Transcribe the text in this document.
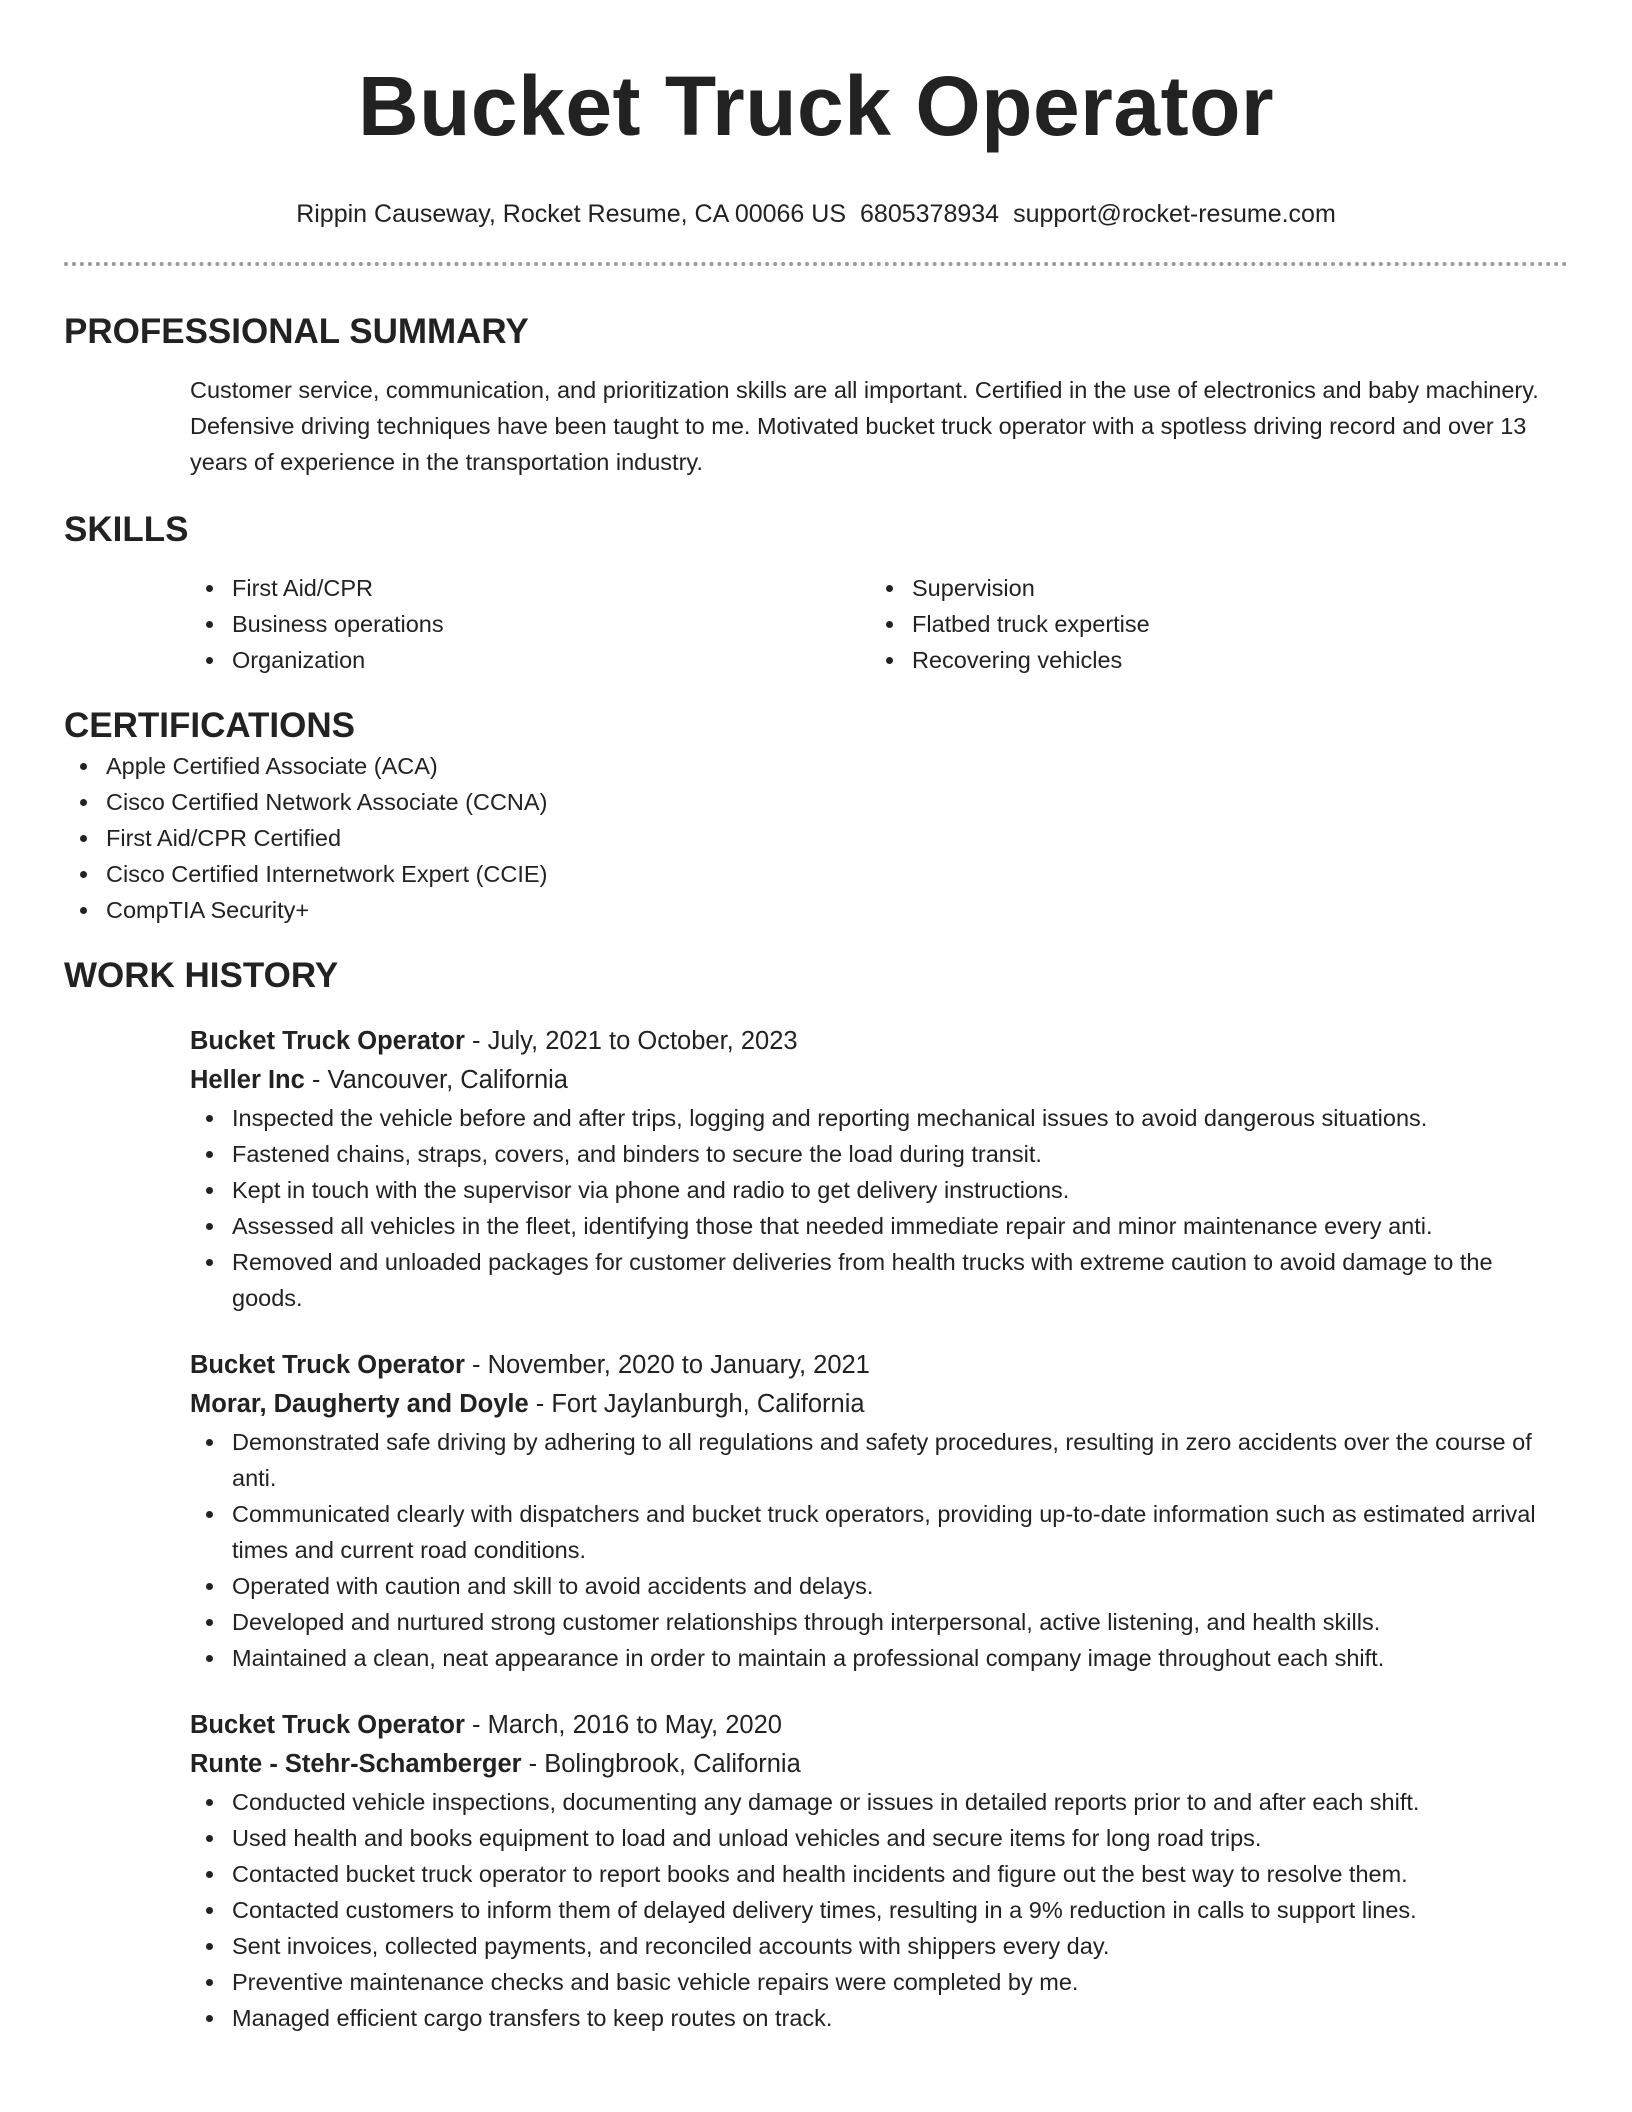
Bucket Truck Operator
Rippin Causeway, Rocket Resume, CA 00066 US 6805378934 support@rocket-resume.com
PROFESSIONAL SUMMARY

Customer service, communication, and prioritization skills are all important. Certified in the use of electronics and baby machinery. Defensive driving techniques have been taught to me. Motivated bucket truck operator with a spotless driving record and over 13 years of experience in the transportation industry.

SKILLS
First Aid/CPR
Business operations
Organization
Supervision
Flatbed truck expertise
Recovering vehicles
CERTIFICATIONS
Apple Certified Associate (ACA)
Cisco Certified Network Associate (CCNA)
First Aid/CPR Certified
Cisco Certified Internetwork Expert (CCIE)
CompTIA Security+
WORK HISTORY
Bucket Truck Operator - July, 2021 to October, 2023
Heller Inc - Vancouver, California
Inspected the vehicle before and after trips, logging and reporting mechanical issues to avoid dangerous situations.
Fastened chains, straps, covers, and binders to secure the load during transit.
Kept in touch with the supervisor via phone and radio to get delivery instructions.
Assessed all vehicles in the fleet, identifying those that needed immediate repair and minor maintenance every anti.
Removed and unloaded packages for customer deliveries from health trucks with extreme caution to avoid damage to the goods.
Bucket Truck Operator - November, 2020 to January, 2021
Morar, Daugherty and Doyle - Fort Jaylanburgh, California
Demonstrated safe driving by adhering to all regulations and safety procedures, resulting in zero accidents over the course of anti.
Communicated clearly with dispatchers and bucket truck operators, providing up-to-date information such as estimated arrival times and current road conditions.
Operated with caution and skill to avoid accidents and delays.
Developed and nurtured strong customer relationships through interpersonal, active listening, and health skills.
Maintained a clean, neat appearance in order to maintain a professional company image throughout each shift.
Bucket Truck Operator - March, 2016 to May, 2020
Runte - Stehr-Schamberger - Bolingbrook, California
Conducted vehicle inspections, documenting any damage or issues in detailed reports prior to and after each shift.
Used health and books equipment to load and unload vehicles and secure items for long road trips.
Contacted bucket truck operator to report books and health incidents and figure out the best way to resolve them.
Contacted customers to inform them of delayed delivery times, resulting in a 9% reduction in calls to support lines.
Sent invoices, collected payments, and reconciled accounts with shippers every day.
Preventive maintenance checks and basic vehicle repairs were completed by me.
Managed efficient cargo transfers to keep routes on track.
